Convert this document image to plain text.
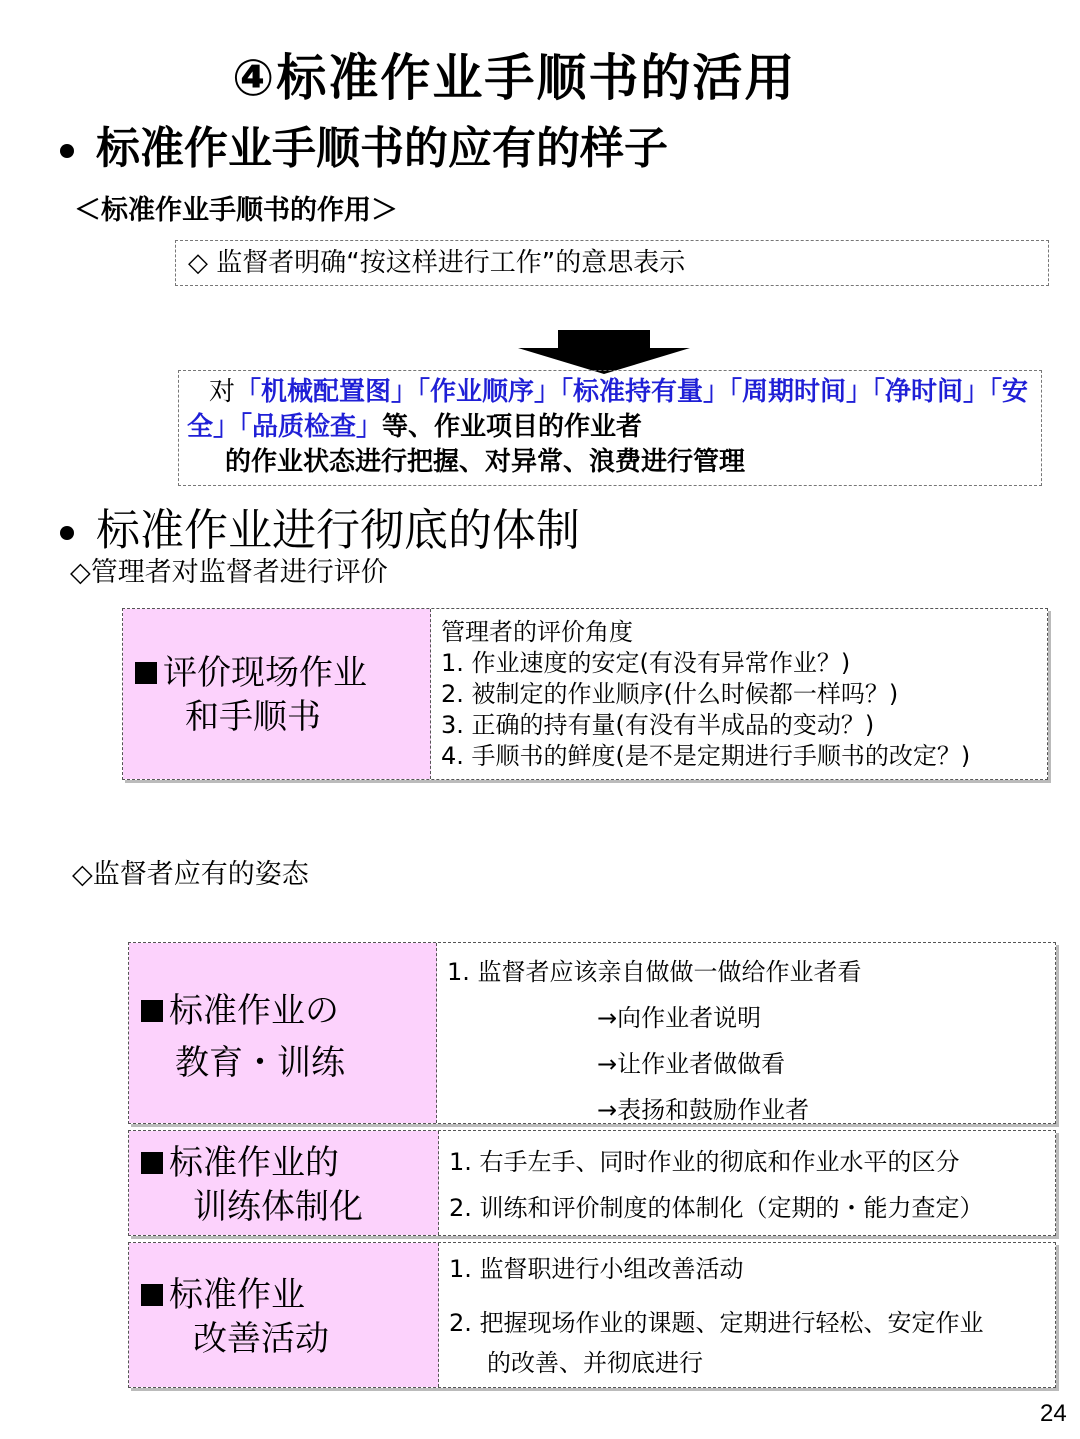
④标准作业手顺书的活用
标准作业手顺书的应有的样子
＜标准作业手顺书的作用＞
◇ 监督者明确“按这样进行工作”的意思表示
对「机械配置图」「作业顺序」「标准持有量」「周期时间」「净时间」「安
全」「品质检查」等、作业项目的作业者
的作业状态进行把握、对异常、浪费进行管理
标准作业进行彻底的体制
◇管理者对监督者进行评价
评价现场作业
和手顺书
管理者的评价角度
1. 作业速度的安定(有没有异常作业？)
2. 被制定的作业顺序(什么时候都一样吗？)
3. 正确的持有量(有没有半成品的变动？)
4. 手顺书的鲜度(是不是定期进行手顺书的改定？)
◇监督者应有的姿态
标准作业の
教育・训练
1. 监督者应该亲自做做一做给作业者看
→向作业者说明
→让作业者做做看
→表扬和鼓励作业者
标准作业的
训练体制化
1. 右手左手、同时作业的彻底和作业水平的区分
2. 训练和评价制度的体制化（定期的・能力查定）
标准作业
改善活动
1. 监督职进行小组改善活动
2. 把握现场作业的课题、定期进行轻松、安定作业
的改善、并彻底进行
24
